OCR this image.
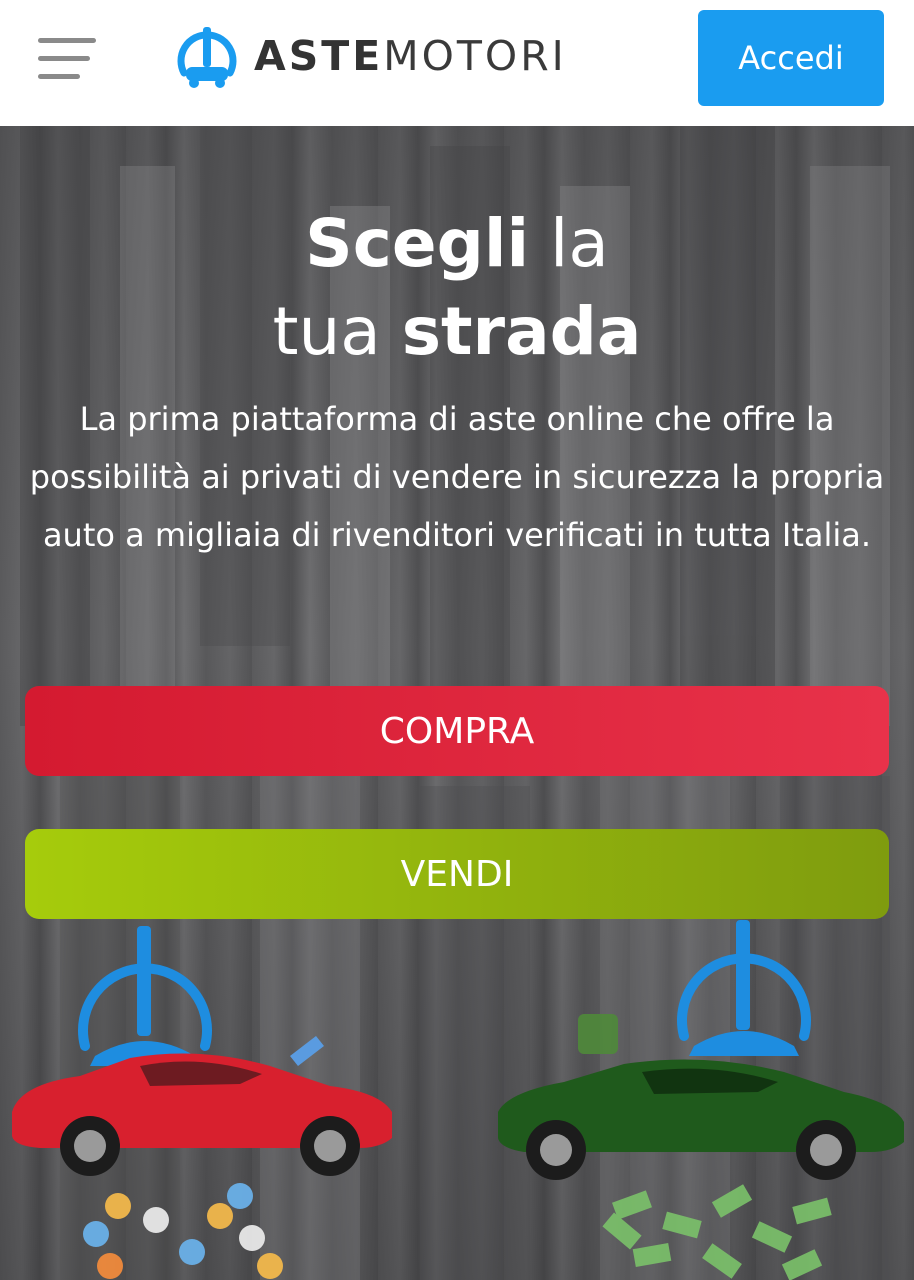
ASTEMOTORI	Accedi
Scegli la
tua strada

La prima piattaforma di aste online che offre la possibilità ai privati di vendere in sicurezza la propria auto a migliaia di rivenditori verificati in tutta Italia.

COMPRA
VENDI
